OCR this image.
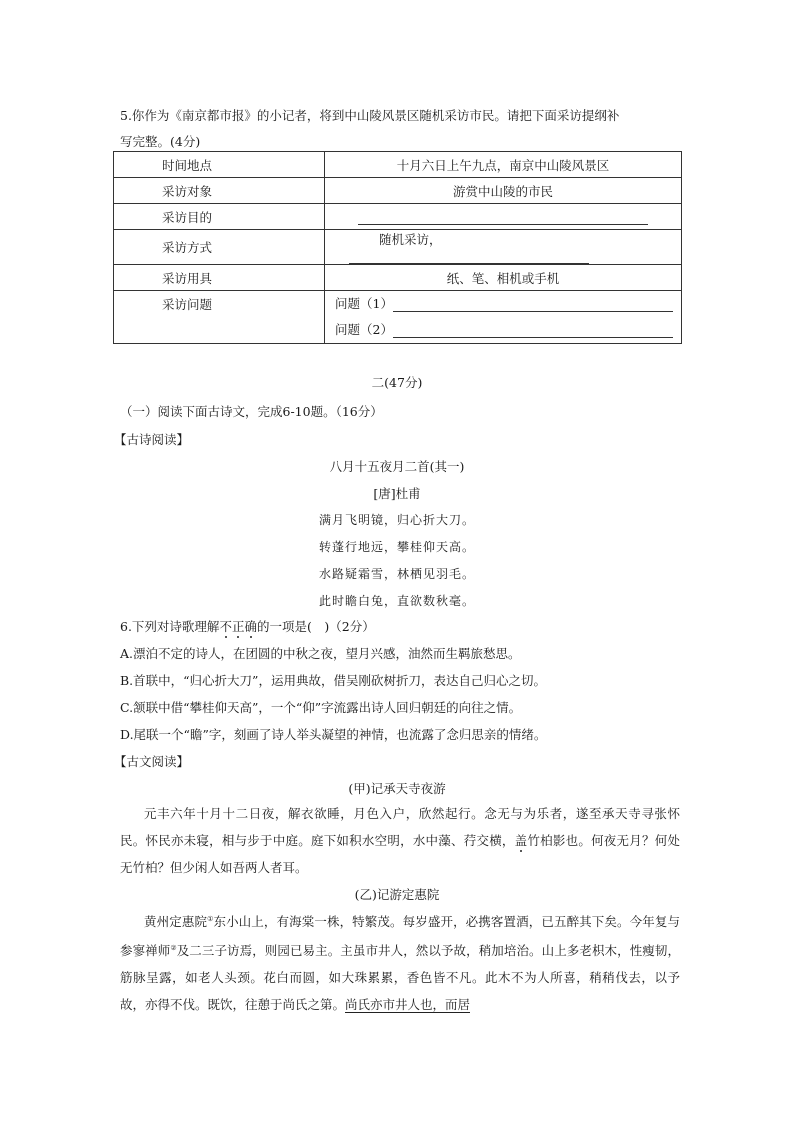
5.你作为《南京都市报》的小记者，将到中山陵风景区随机采访市民。请把下面采访提纲补
写完整。(4分)
时间地点	十月六日上午九点，南京中山陵风景区
采访对象	游赏中山陵的市民
采访目的	
采访方式	随机采访，
采访用具	纸、笔、相机或手机
采访问题	问题（1）
问题（2）
二(47分)
（一）阅读下面古诗文，完成6-10题。（16分）
【古诗阅读】
八月十五夜月二首(其一)
[唐]杜甫
满月飞明镜，归心折大刀。
转蓬行地远，攀桂仰天高。
水路疑霜雪，林栖见羽毛。
此时瞻白兔，直欲数秋毫。
6.下列对诗歌理解不正确的一项是(　)（2分）
A.漂泊不定的诗人，在团圆的中秋之夜，望月兴感，油然而生羁旅愁思。
B.首联中，“归心折大刀”，运用典故，借吴刚砍树折刀，表达自己归心之切。
C.颔联中借“攀桂仰天高”，一个“仰”字流露出诗人回归朝廷的向往之情。
D.尾联一个“瞻”字，刻画了诗人举头凝望的神情，也流露了念归思亲的情绪。
【古文阅读】
(甲)记承天寺夜游
元丰六年十月十二日夜，解衣欲睡，月色入户，欣然起行。念无与为乐者，遂至承天寺寻张怀民。怀民亦未寝，相与步于中庭。庭下如积水空明，水中藻、荇交横，盖竹柏影也。何夜无月？何处无竹柏？但少闲人如吾两人者耳。
(乙)记游定惠院
黄州定惠院①东小山上，有海棠一株，特繁茂。每岁盛开，必携客置酒，已五醉其下矣。今年复与参寥禅师②及二三子访焉，则园已易主。主虽市井人，然以予故，稍加培治。山上多老枳木，性瘦韧，筋脉呈露，如老人头颈。花白而圆，如大珠累累，香色皆不凡。此木不为人所喜，稍稍伐去，以予故，亦得不伐。既饮，往憩于尚氏之第。尚氏亦市井人也，而居
